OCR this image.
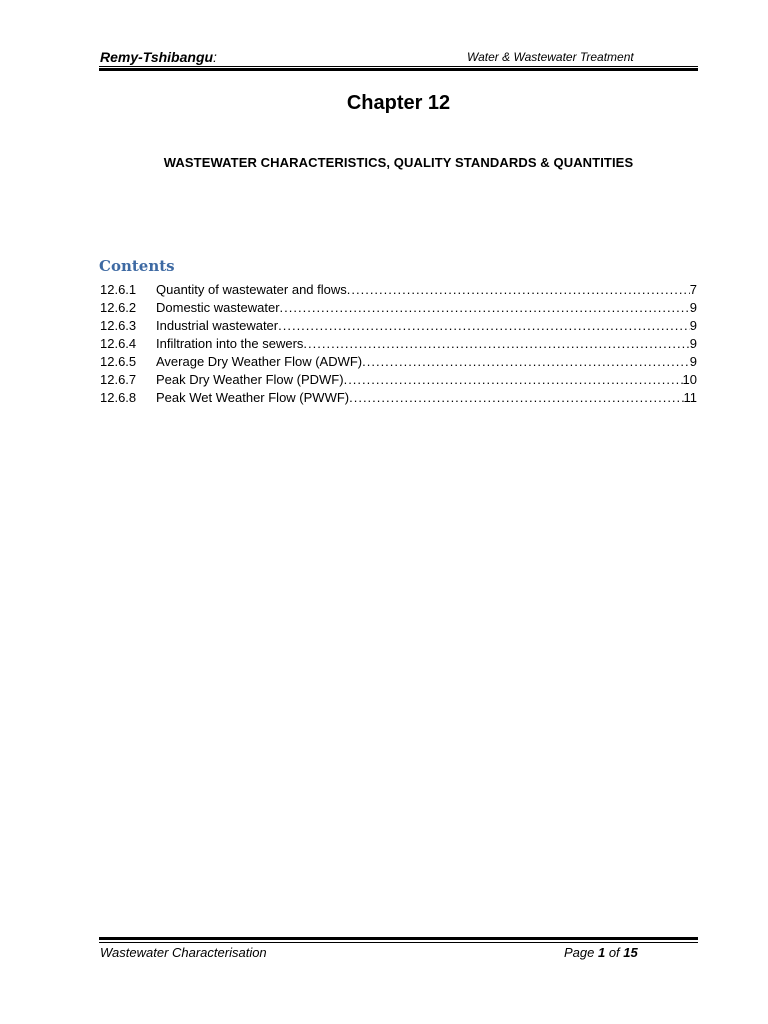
Remy-Tshibangu:	Water & Wastewater Treatment
Chapter 12
WASTEWATER CHARACTERISTICS, QUALITY STANDARDS & QUANTITIES
Contents
12.6.1	Quantity of wastewater and flows .....	7
12.6.2	Domestic wastewater .....	9
12.6.3	Industrial wastewater .....	9
12.6.4	Infiltration into the sewers .....	9
12.6.5	Average Dry Weather Flow (ADWF) .....	9
12.6.7	Peak Dry Weather Flow (PDWF) .....	10
12.6.8	Peak Wet Weather Flow (PWWF) .....	11
Wastewater Characterisation	Page 1 of 15
